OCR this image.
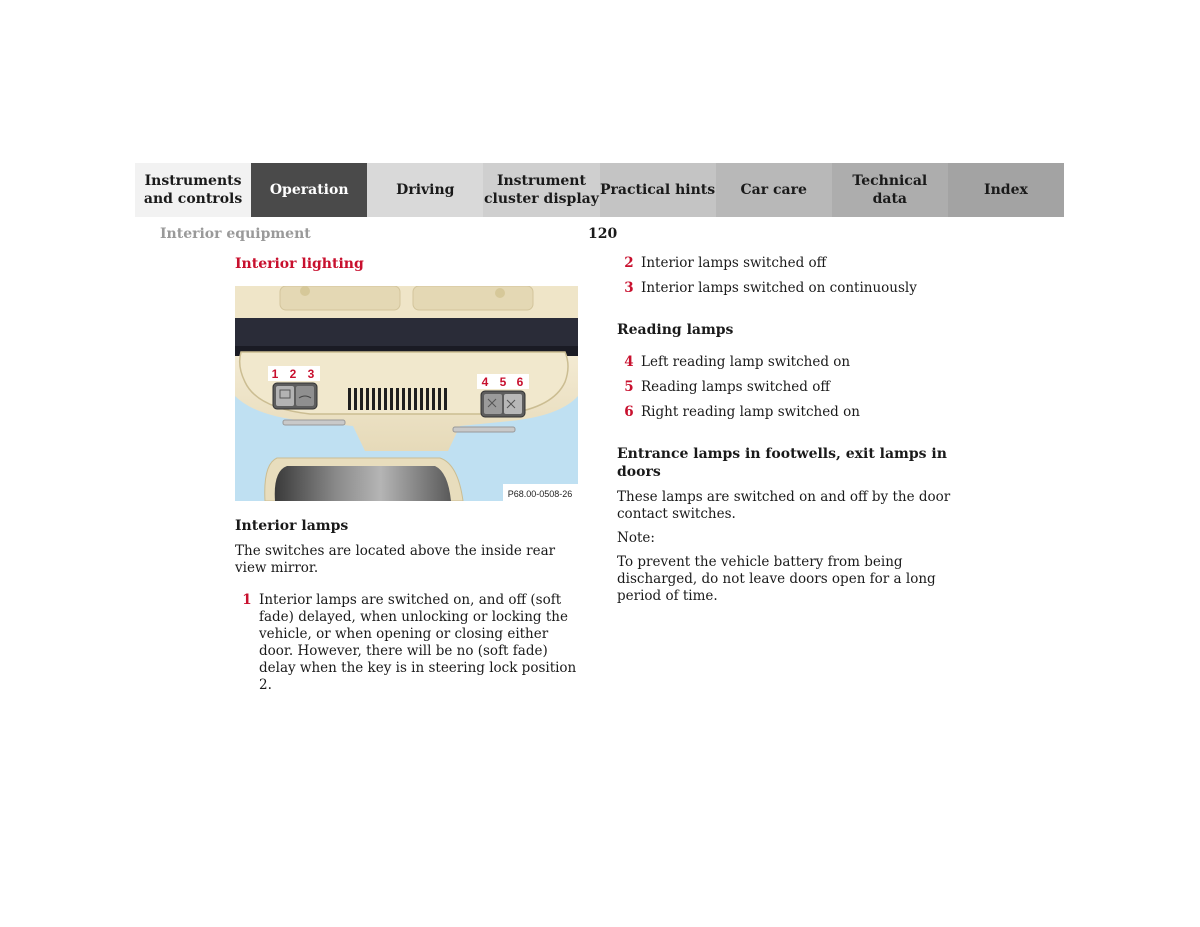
Instruments
and controls
Operation	Driving
Instrument
cluster display
Practical hints	Car care
Technical
data
Index
Interior equipment	120
Interior lighting
P68.00-0508-26
1 2 3
4 5 6
Interior lamps

The switches are located above the inside rear view mirror.

1 Interior lamps are switched on, and off (soft fade) delayed, when unlocking or locking the vehicle, or when opening or closing either door. However, there will be no (soft fade) delay when the key is in steering lock position 2.
2 Interior lamps switched off
3 Interior lamps switched on continuously
Reading lamps
4 Left reading lamp switched on
5 Reading lamps switched off
6 Right reading lamp switched on
Entrance lamps in footwells, exit lamps in doors

These lamps are switched on and off by the door contact switches.

Note:

To prevent the vehicle battery from being discharged, do not leave doors open for a long period of time.
